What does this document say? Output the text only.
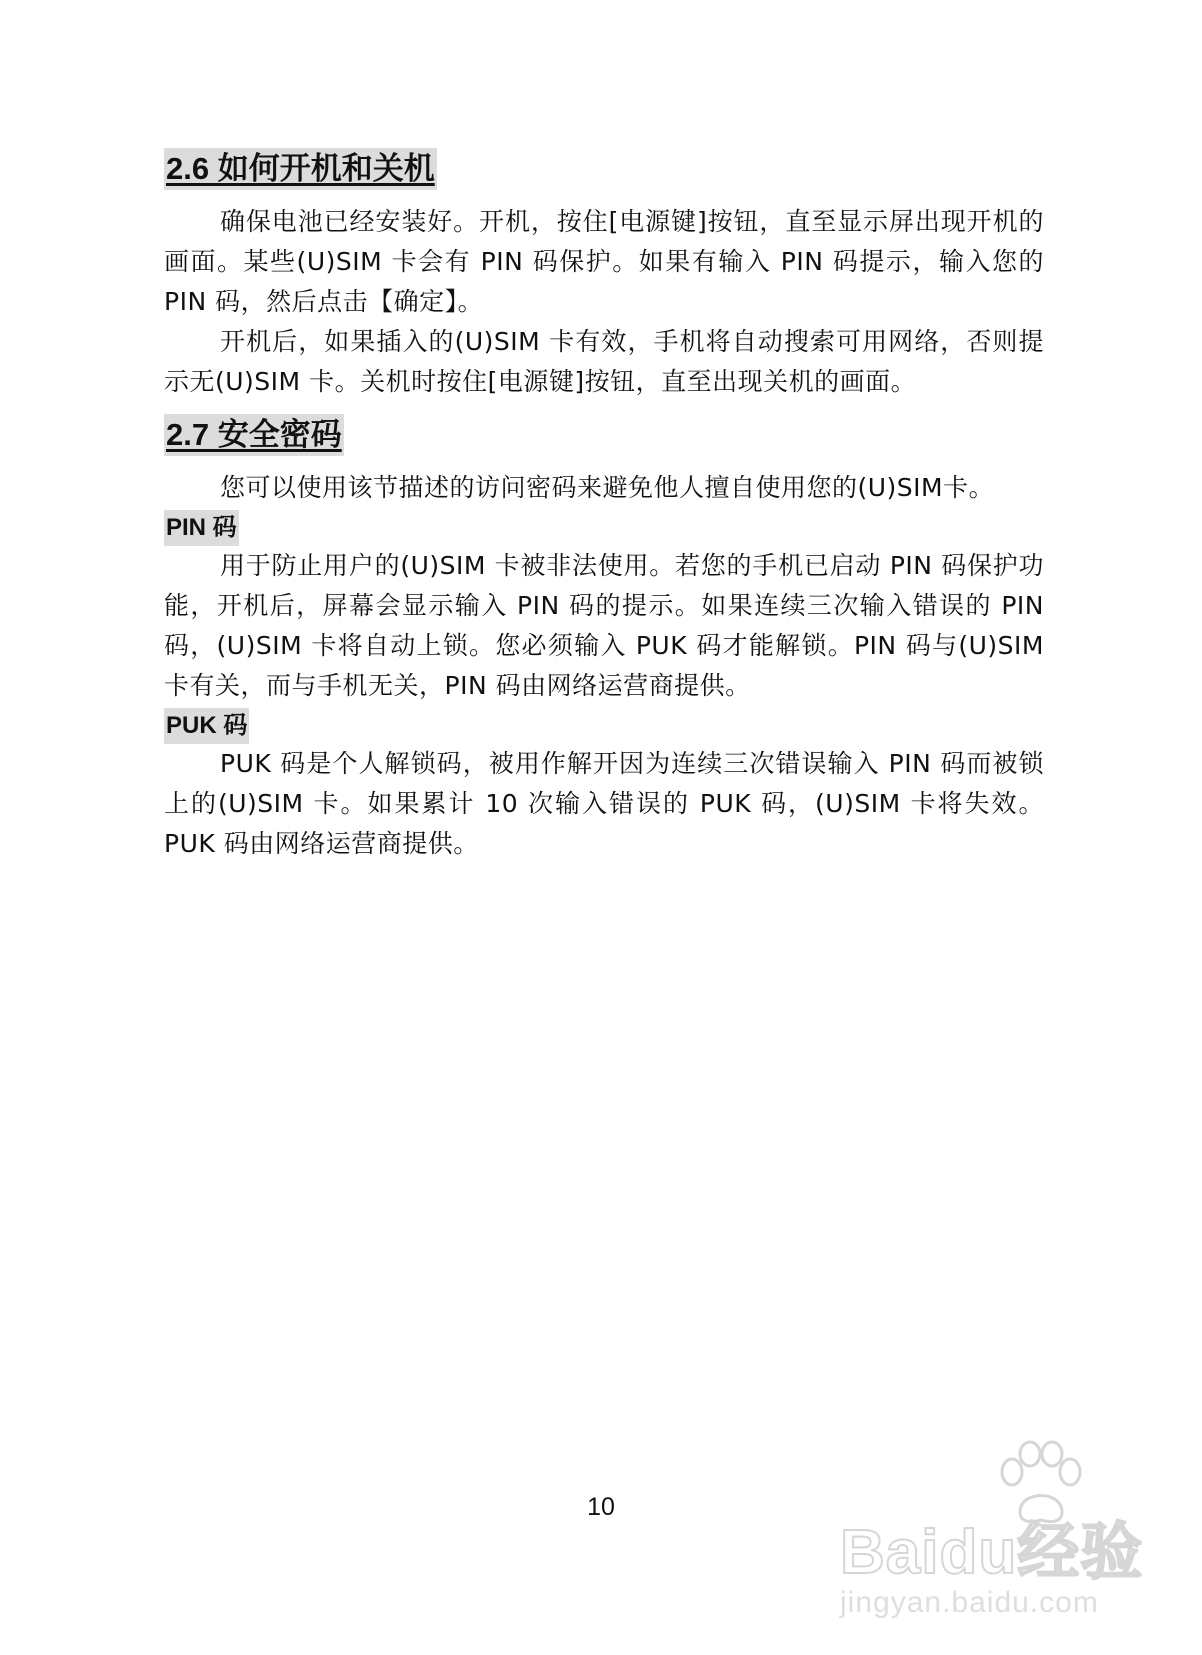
2.6 如何开机和关机

确保电池已经安装好。开机，按住[电源键]按钮，直至显示屏出现开机的画面。某些(U)SIM 卡会有 PIN 码保护。如果有输入 PIN 码提示，输入您的 PIN 码，然后点击【确定】。

开机后，如果插入的(U)SIM 卡有效，手机将自动搜索可用网络，否则提示无(U)SIM 卡。关机时按住[电源键]按钮，直至出现关机的画面。

2.7 安全密码

您可以使用该节描述的访问密码来避免他人擅自使用您的(U)SIM卡。

PIN 码

用于防止用户的(U)SIM 卡被非法使用。若您的手机已启动 PIN 码保护功能，开机后，屏幕会显示输入 PIN 码的提示。如果连续三次输入错误的 PIN 码，(U)SIM 卡将自动上锁。您必须输入 PUK 码才能解锁。PIN 码与(U)SIM 卡有关，而与手机无关，PIN 码由网络运营商提供。

PUK 码

PUK 码是个人解锁码，被用作解开因为连续三次错误输入 PIN 码而被锁上的(U)SIM 卡。如果累计 10 次输入错误的 PUK 码，(U)SIM 卡将失效。PUK 码由网络运营商提供。

10
Baidu经验
jingyan.baidu.com
